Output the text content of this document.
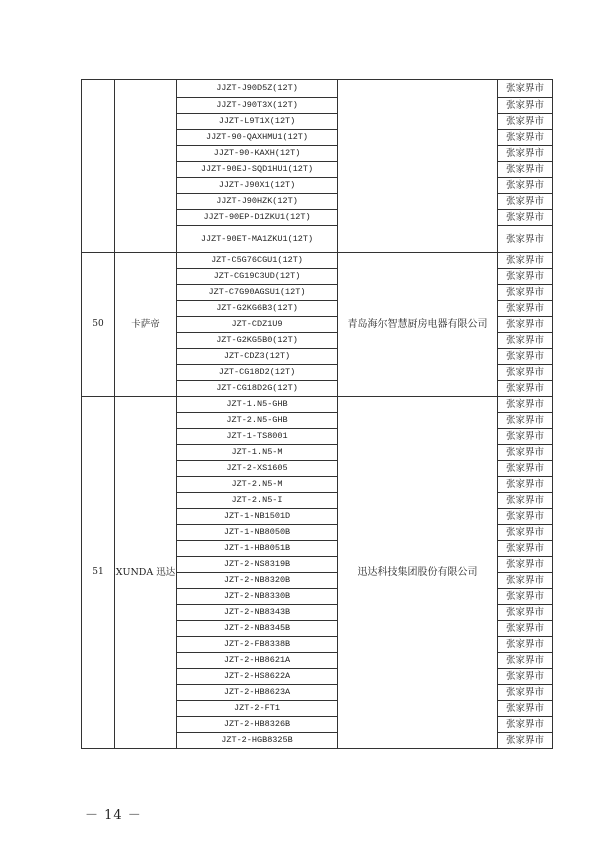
		JJZT-J90D5Z(12T)		张家界市
		JJZT-J90T3X(12T)		张家界市
		JJZT-L9T1X(12T)		张家界市
		JJZT-90-QAXHMU1(12T)		张家界市
		JJZT-90-KAXH(12T)		张家界市
		JJZT-90EJ-SQD1HU1(12T)		张家界市
		JJZT-J90X1(12T)		张家界市
		JJZT-J90HZK(12T)		张家界市
		JJZT-90EP-D1ZKU1(12T)		张家界市
		JJZT-90ET-MA1ZKU1(12T)		张家界市
50	卡萨帝	JZT-C5G76CGU1(12T)	青岛海尔智慧厨房电器有限公司	张家界市
		JZT-CG19C3UD(12T)		张家界市
		JZT-C7G90AGSU1(12T)		张家界市
		JZT-G2KG6B3(12T)		张家界市
		JZT-CDZ1U9		张家界市
		JZT-G2KG5B0(12T)		张家界市
		JZT-CDZ3(12T)		张家界市
		JZT-CG18D2(12T)		张家界市
		JZT-CG18D2G(12T)		张家界市
51	XUNDA 迅达	JZT-1.N5-GHB	迅达科技集团股份有限公司	张家界市
		JZT-2.N5-GHB		张家界市
		JZT-1-TS8001		张家界市
		JZT-1.N5-M		张家界市
		JZT-2-XS1605		张家界市
		JZT-2.N5-M		张家界市
		JZT-2.N5-I		张家界市
		JZT-1-NB1501D		张家界市
		JZT-1-NB8050B		张家界市
		JZT-1-HB8051B		张家界市
		JZT-2-NS8319B		张家界市
		JZT-2-NB8320B		张家界市
		JZT-2-NB8330B		张家界市
		JZT-2-NB8343B		张家界市
		JZT-2-NB8345B		张家界市
		JZT-2-FB8338B		张家界市
		JZT-2-HB8621A		张家界市
		JZT-2-HS8622A		张家界市
		JZT-2-HB8623A		张家界市
		JZT-2-FT1		张家界市
		JZT-2-HB8326B		张家界市
		JZT-2-HGB8325B		张家界市
－ 14 －
